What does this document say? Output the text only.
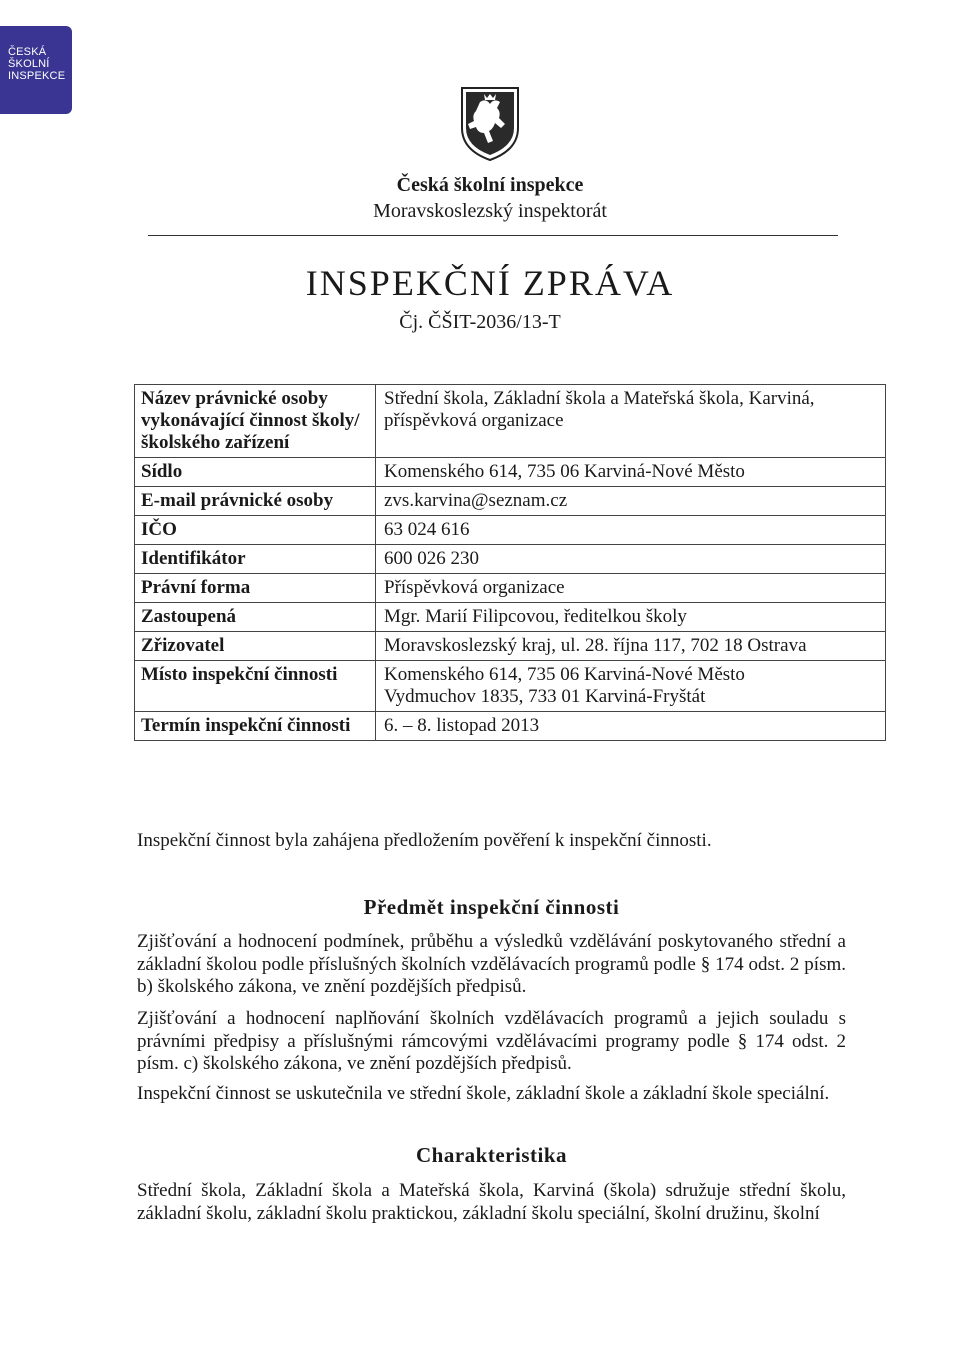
ČESKÁ
ŠKOLNÍ
INSPEKCE
Česká školní inspekce
Moravskoslezský inspektorát
INSPEKČNÍ ZPRÁVA
Čj. ČŠIT-2036/13-T
Název právnické osoby vykonávající činnost školy/školského zařízení	Střední škola, Základní škola a Mateřská škola, Karviná, příspěvková organizace
Sídlo	Komenského 614, 735 06 Karviná-Nové Město
E-mail právnické osoby	zvs.karvina@seznam.cz
IČO	63 024 616
Identifikátor	600 026 230
Právní forma	Příspěvková organizace
Zastoupená	Mgr. Marií Filipcovou, ředitelkou školy
Zřizovatel	Moravskoslezský kraj, ul. 28. října 117, 702 18 Ostrava
Místo inspekční činnosti	Komenského 614, 735 06 Karviná-Nové Město
Vydmuchov 1835, 733 01 Karviná-Fryštát

Termín inspekční činnosti	6. – 8. listopad 2013
Inspekční činnost byla zahájena předložením pověření k inspekční činnosti.
Předmět inspekční činnosti
Zjišťování a hodnocení podmínek, průběhu a výsledků vzdělávání poskytovaného střední a základní školou podle příslušných školních vzdělávacích programů podle § 174 odst. 2 písm. b) školského zákona, ve znění pozdějších předpisů.
Zjišťování a hodnocení naplňování školních vzdělávacích programů a jejich souladu s právními předpisy a příslušnými rámcovými vzdělávacími programy podle § 174 odst. 2 písm. c) školského zákona, ve znění pozdějších předpisů.
Inspekční činnost se uskutečnila ve střední škole, základní škole a základní škole speciální.
Charakteristika
Střední škola, Základní škola a Mateřská škola, Karviná (škola) sdružuje střední školu, základní školu, základní školu praktickou, základní školu speciální, školní družinu, školní
